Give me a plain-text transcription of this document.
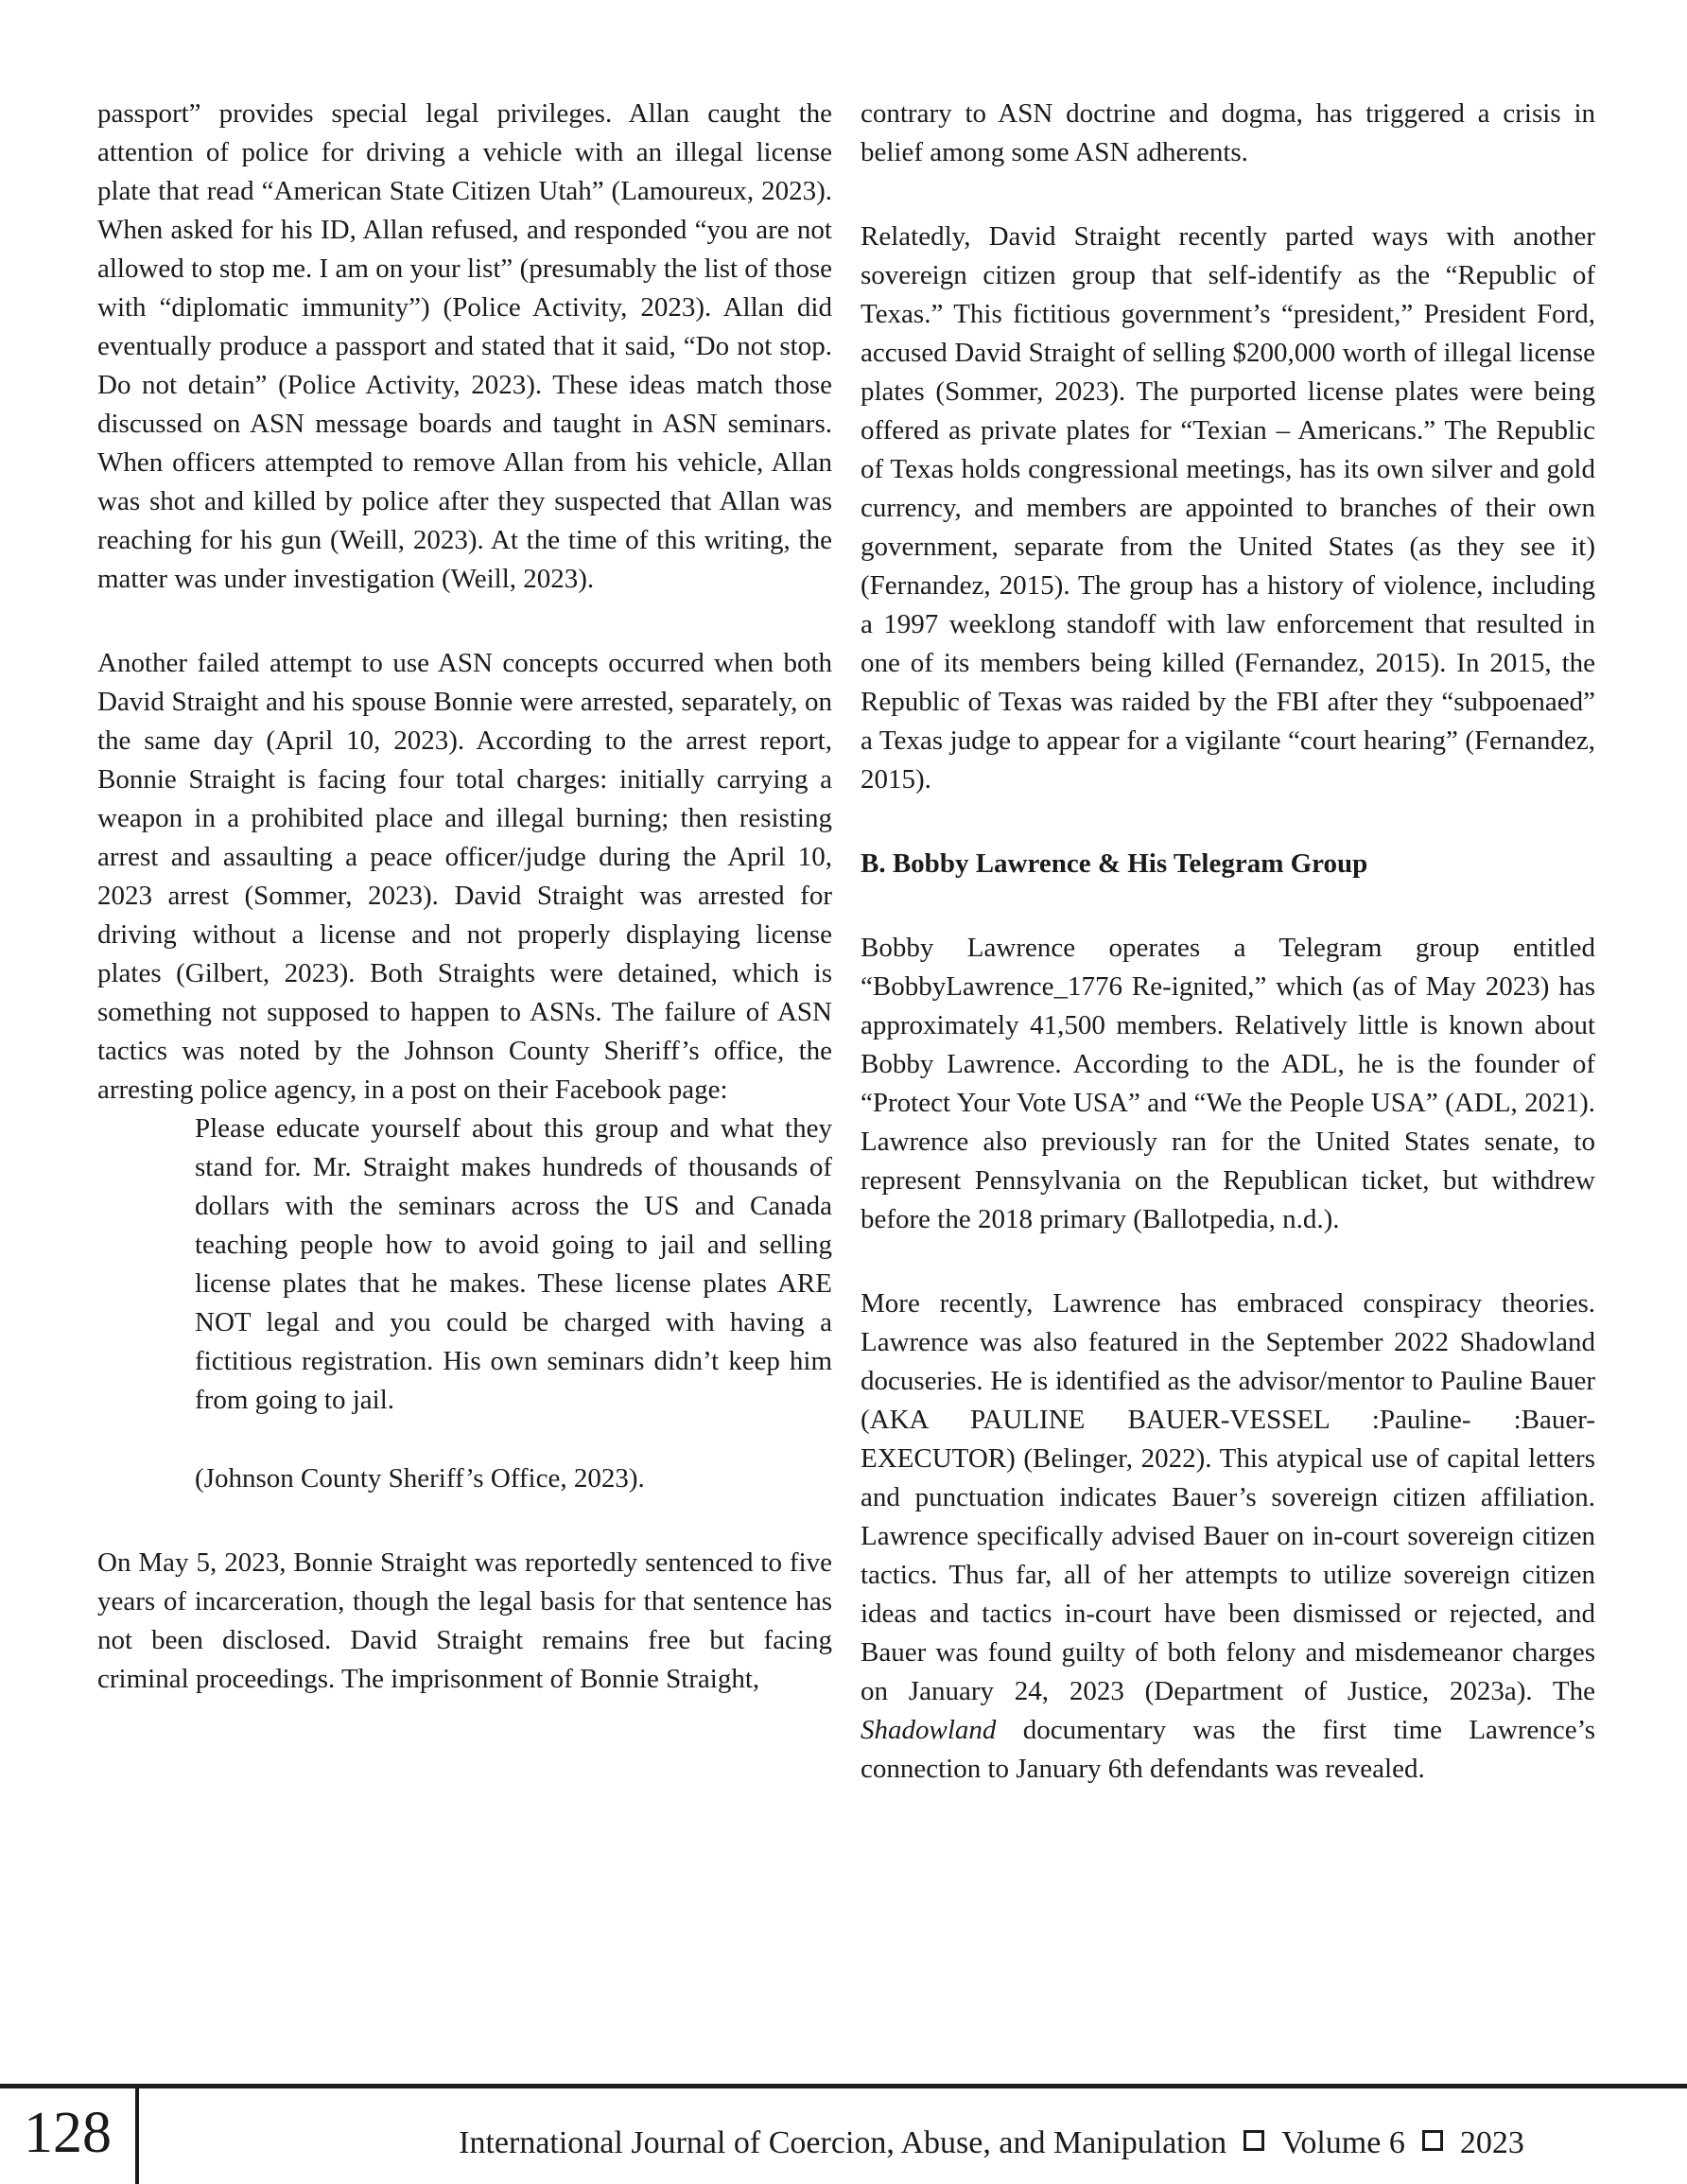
passport” provides special legal privileges. Allan caught the attention of police for driving a vehicle with an illegal license plate that read “American State Citizen Utah” (Lamoureux, 2023). When asked for his ID, Allan refused, and responded “you are not allowed to stop me. I am on your list” (presumably the list of those with “diplomatic immunity”) (Police Activity, 2023). Allan did eventually produce a passport and stated that it said, “Do not stop. Do not detain” (Police Activity, 2023). These ideas match those discussed on ASN message boards and taught in ASN seminars. When officers attempted to remove Allan from his vehicle, Allan was shot and killed by police after they suspected that Allan was reaching for his gun (Weill, 2023). At the time of this writing, the matter was under investigation (Weill, 2023).

Another failed attempt to use ASN concepts occurred when both David Straight and his spouse Bonnie were arrested, separately, on the same day (April 10, 2023). According to the arrest report, Bonnie Straight is facing four total charges: initially carrying a weapon in a prohibited place and illegal burning; then resisting arrest and assaulting a peace officer/judge during the April 10, 2023 arrest (Sommer, 2023). David Straight was arrested for driving without a license and not properly displaying license plates (Gilbert, 2023). Both Straights were detained, which is something not supposed to happen to ASNs. The failure of ASN tactics was noted by the Johnson County Sheriff’s office, the arresting police agency, in a post on their Facebook page:

Please educate yourself about this group and what they stand for. Mr. Straight makes hundreds of thousands of dollars with the seminars across the US and Canada teaching people how to avoid going to jail and selling license plates that he makes. These license plates ARE NOT legal and you could be charged with having a fictitious registration. His own seminars didn’t keep him from going to jail.

(Johnson County Sheriff’s Office, 2023).

On May 5, 2023, Bonnie Straight was reportedly sentenced to five years of incarceration, though the legal basis for that sentence has not been disclosed. David Straight remains free but facing criminal proceedings. The imprisonment of Bonnie Straight,

contrary to ASN doctrine and dogma, has triggered a crisis in belief among some ASN adherents.

Relatedly, David Straight recently parted ways with another sovereign citizen group that self-identify as the “Republic of Texas.” This fictitious government’s “president,” President Ford, accused David Straight of selling $200,000 worth of illegal license plates (Sommer, 2023). The purported license plates were being offered as private plates for “Texian – Americans.” The Republic of Texas holds congressional meetings, has its own silver and gold currency, and members are appointed to branches of their own government, separate from the United States (as they see it) (Fernandez, 2015). The group has a history of violence, including a 1997 weeklong standoff with law enforcement that resulted in one of its members being killed (Fernandez, 2015). In 2015, the Republic of Texas was raided by the FBI after they “subpoenaed” a Texas judge to appear for a vigilante “court hearing” (Fernandez, 2015).

B. Bobby Lawrence & His Telegram Group

Bobby Lawrence operates a Telegram group entitled “BobbyLawrence_1776 Re-ignited,” which (as of May 2023) has approximately 41,500 members. Relatively little is known about Bobby Lawrence. According to the ADL, he is the founder of “Protect Your Vote USA” and “We the People USA” (ADL, 2021). Lawrence also previously ran for the United States senate, to represent Pennsylvania on the Republican ticket, but withdrew before the 2018 primary (Ballotpedia, n.d.).

More recently, Lawrence has embraced conspiracy theories. Lawrence was also featured in the September 2022 Shadowland docuseries. He is identified as the advisor/mentor to Pauline Bauer (AKA PAULINE BAUER-VESSEL :Pauline- :Bauer-EXECUTOR) (Belinger, 2022). This atypical use of capital letters and punctuation indicates Bauer’s sovereign citizen affiliation. Lawrence specifically advised Bauer on in-court sovereign citizen tactics. Thus far, all of her attempts to utilize sovereign citizen ideas and tactics in-court have been dismissed or rejected, and Bauer was found guilty of both felony and misdemeanor charges on January 24, 2023 (Department of Justice, 2023a). The Shadowland documentary was the first time Lawrence’s connection to January 6th defendants was revealed.

128	International Journal of Coercion, Abuse, and Manipulation Volume 6 2023
